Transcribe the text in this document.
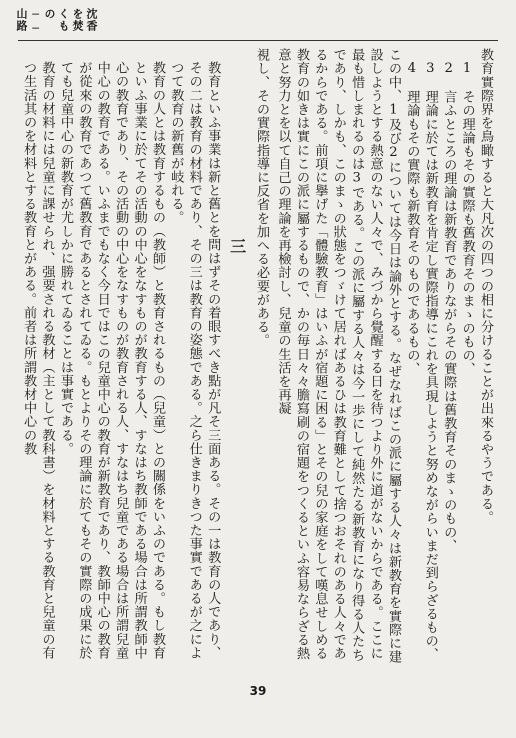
沈香を焚くもの──山路

教育實際界を鳥瞰すると大凡次の四つの相に分けることが出來るやうである。

1　その理論もその實際も舊教育そのまゝのもの、

2　言ふところの理論は新教育でありながらその實際は舊教育そのまゝのもの、

3　理論に於ては新教育を肯定し實際指導にこれを具現しようと努めながらいまだ到らざるもの、

4　理論もその實際も新教育そのものであるもの、

この中、1及び2については今日は論外とする。なぜなればこの派に屬する人々は新教育を實際に建設しようとする熱意のない人々で、みづから覺醒する日を待つより外に道がないからである。ここに最も惜しまれるのは3である。この派に屬する人々は今一歩にして純然たる新教育になり得る人たちであり、しかも、このまゝの狀態をつゞけて居ればあるひは教育難として捨つおそれのある人々であるからである。前項に擧げた「體驗教育」はいふが宿題に困る」とその兒の家庭をして嘆息せしめる教育の如きは實にこの派に屬するもので、かの毎日々々膽寫刷の宿題をつくるといふ容易ならざる熱意と努力とを以て自己の理論を再檢討し、兒童の生活を再凝

視し、その實際指導に反省を加へる必要がある。

三

教育といふ事業は新と舊とを問はずその着眼すべき點が凡そ三面ある。その一は教育の人であり、その二は教育の材料であり、その三は教育の姿態である。之ら仕きまりきつた事實であるが之によつて教育の新舊が岐れる。

教育の人とは教育するもの（教師）と教育されるもの（兒童）との關係をいふのである。もし教育といふ事業に於てその活動の中心をなすものが教育する人、すなはち教師である場合は所謂教師中心の教育であり、その活動の中心をなすものが教育される人、すなはち兒童である場合は所謂兒童中心の教育である。いふまでもなく今日ではこの兒童中心の教育が新教育であり、教師中心の教育が從來の教育であつて舊教育であるとされてゐる。もとよりその理論に於てもその實際の成果に於ても兒童中心の新教育が尤しかに勝れてゐることは事實である。

教育の材料には兒童に課せられ、强要される教材（主として教科書）を材料とする教育と兒童の有つ生活其のを材料とする教育とがある。前者は所謂教材中心の教

39
